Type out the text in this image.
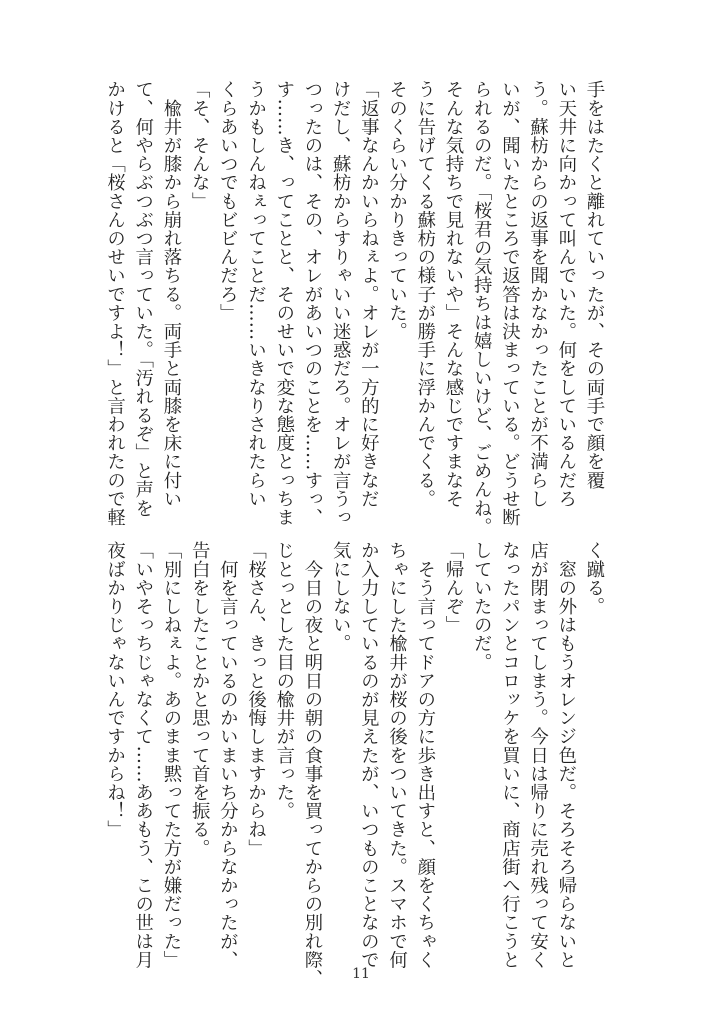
手をはたくと離れていったが、その両手で顔を覆
い天井に向かって叫んでいた。何をしているんだろ
う。蘇枋からの返事を聞かなかったことが不満らし
いが、聞いたところで返答は決まっている。どうせ断
られるのだ。「桜君の気持ちは嬉しいけど、ごめんね。
そんな気持ちで見れないや」そんな感じですまなそ
うに告げてくる蘇枋の様子が勝手に浮かんでくる。
そのくらい分かりきっていた。
「返事なんかいらねぇよ。オレが一方的に好きなだ
けだし、蘇枋からすりゃいい迷惑だろ。オレが言うっ
つったのは、その、オレがあいつのことを……すっ、
す……き、ってことと、そのせいで変な態度とっちま
うかもしんねぇってことだ……いきなりされたらい
くらあいつでもビビんだろ」
「そ、そんな」
　楡井が膝から崩れ落ちる。両手と両膝を床に付い
て、何やらぶつぶつ言っていた。「汚れるぞ」と声を
かけると「桜さんのせいですよ！」と言われたので軽
く蹴る。
　窓の外はもうオレンジ色だ。そろそろ帰らないと
店が閉まってしまう。今日は帰りに売れ残って安く
なったパンとコロッケを買いに、商店街へ行こうと
していたのだ。
「帰んぞ」
　そう言ってドアの方に歩き出すと、顔をくちゃく
ちゃにした楡井が桜の後をついてきた。スマホで何
か入力しているのが見えたが、いつものことなので
気にしない。
　今日の夜と明日の朝の食事を買ってからの別れ際、
じとっとした目の楡井が言った。
「桜さん、きっと後悔しますからね」
　何を言っているのかいまいち分からなかったが、
告白をしたことかと思って首を振る。
「別にしねぇよ。あのまま黙ってた方が嫌だった」
「いやそっちじゃなくて……ああもう、この世は月
夜ばかりじゃないんですからね！」
11
